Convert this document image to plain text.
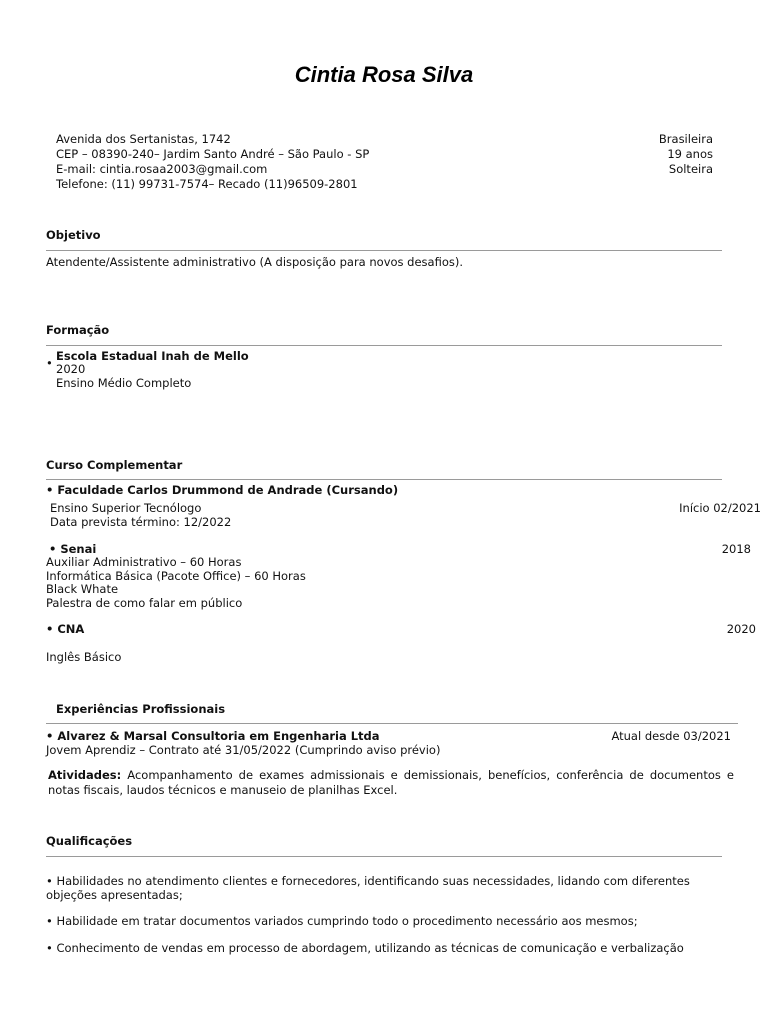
Cintia Rosa Silva
Avenida dos Sertanistas, 1742
CEP – 08390-240– Jardim Santo André – São Paulo - SP
E-mail: cintia.rosaa2003@gmail.com
Telefone: (11) 99731-7574– Recado (11)96509-2801
Brasileira
19 anos
Solteira
Objetivo
Atendente/Assistente administrativo (A disposição para novos desafios).
Formação
• Escola Estadual Inah de Mello
2020
Ensino Médio Completo
Curso Complementar
• Faculdade Carlos Drummond de Andrade (Cursando)
Ensino Superior Tecnólogo	Início 02/2021
Data prevista término: 12/2022
• Senai	2018
Auxiliar Administrativo – 60 Horas
Informática Básica (Pacote Office) – 60 Horas
Black Whate
Palestra de como falar em público
• CNA	2020
Inglês Básico
Experiências Profissionais
• Alvarez & Marsal Consultoria em Engenharia Ltda	Atual desde 03/2021
Jovem Aprendiz – Contrato até 31/05/2022 (Cumprindo aviso prévio)
Atividades: Acompanhamento de exames admissionais e demissionais, benefícios, conferência de documentos e notas fiscais, laudos técnicos e manuseio de planilhas Excel.
Qualificações
• Habilidades no atendimento clientes e fornecedores, identificando suas necessidades, lidando com diferentes objeções apresentadas;
• Habilidade em tratar documentos variados cumprindo todo o procedimento necessário aos mesmos;
• Conhecimento de vendas em processo de abordagem, utilizando as técnicas de comunicação e verbalização
